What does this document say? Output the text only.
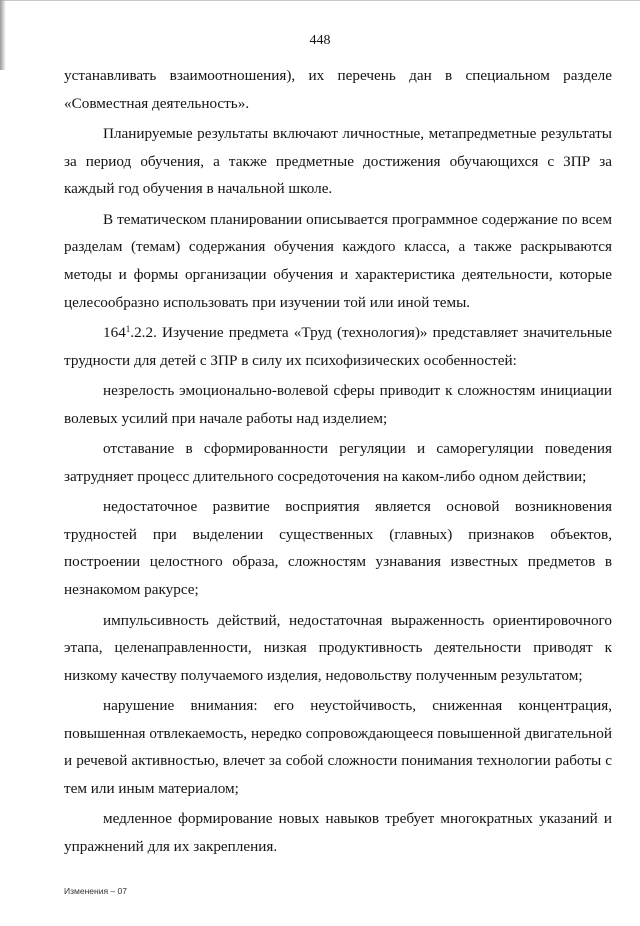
448

устанавливать взаимоотношения), их перечень дан в специальном разделе «Совместная деятельность».

Планируемые результаты включают личностные, метапредметные результаты за период обучения, а также предметные достижения обучающихся с ЗПР за каждый год обучения в начальной школе.

В тематическом планировании описывается программное содержание по всем разделам (темам) содержания обучения каждого класса, а также раскрываются методы и формы организации обучения и характеристика деятельности, которые целесообразно использовать при изучении той или иной темы.

$164^1.2.2$. Изучение предмета «Труд (технология)» представляет значительные трудности для детей с ЗПР в силу их психофизических особенностей:

незрелость эмоционально-волевой сферы приводит к сложностям инициации волевых усилий при начале работы над изделием;

отставание в сформированности регуляции и саморегуляции поведения затрудняет процесс длительного сосредоточения на каком-либо одном действии;

недостаточное развитие восприятия является основой возникновения трудностей при выделении существенных (главных) признаков объектов, построении целостного образа, сложностям узнавания известных предметов в незнакомом ракурсе;

импульсивность действий, недостаточная выраженность ориентировочного этапа, целенаправленности, низкая продуктивность деятельности приводят к низкому качеству получаемого изделия, недовольству полученным результатом;

нарушение внимания: его неустойчивость, сниженная концентрация, повышенная отвлекаемость, нередко сопровождающееся повышенной двигательной и речевой активностью, влечет за собой сложности понимания технологии работы с тем или иным материалом;

медленное формирование новых навыков требует многократных указаний и упражнений для их закрепления.

Изменения – 07
